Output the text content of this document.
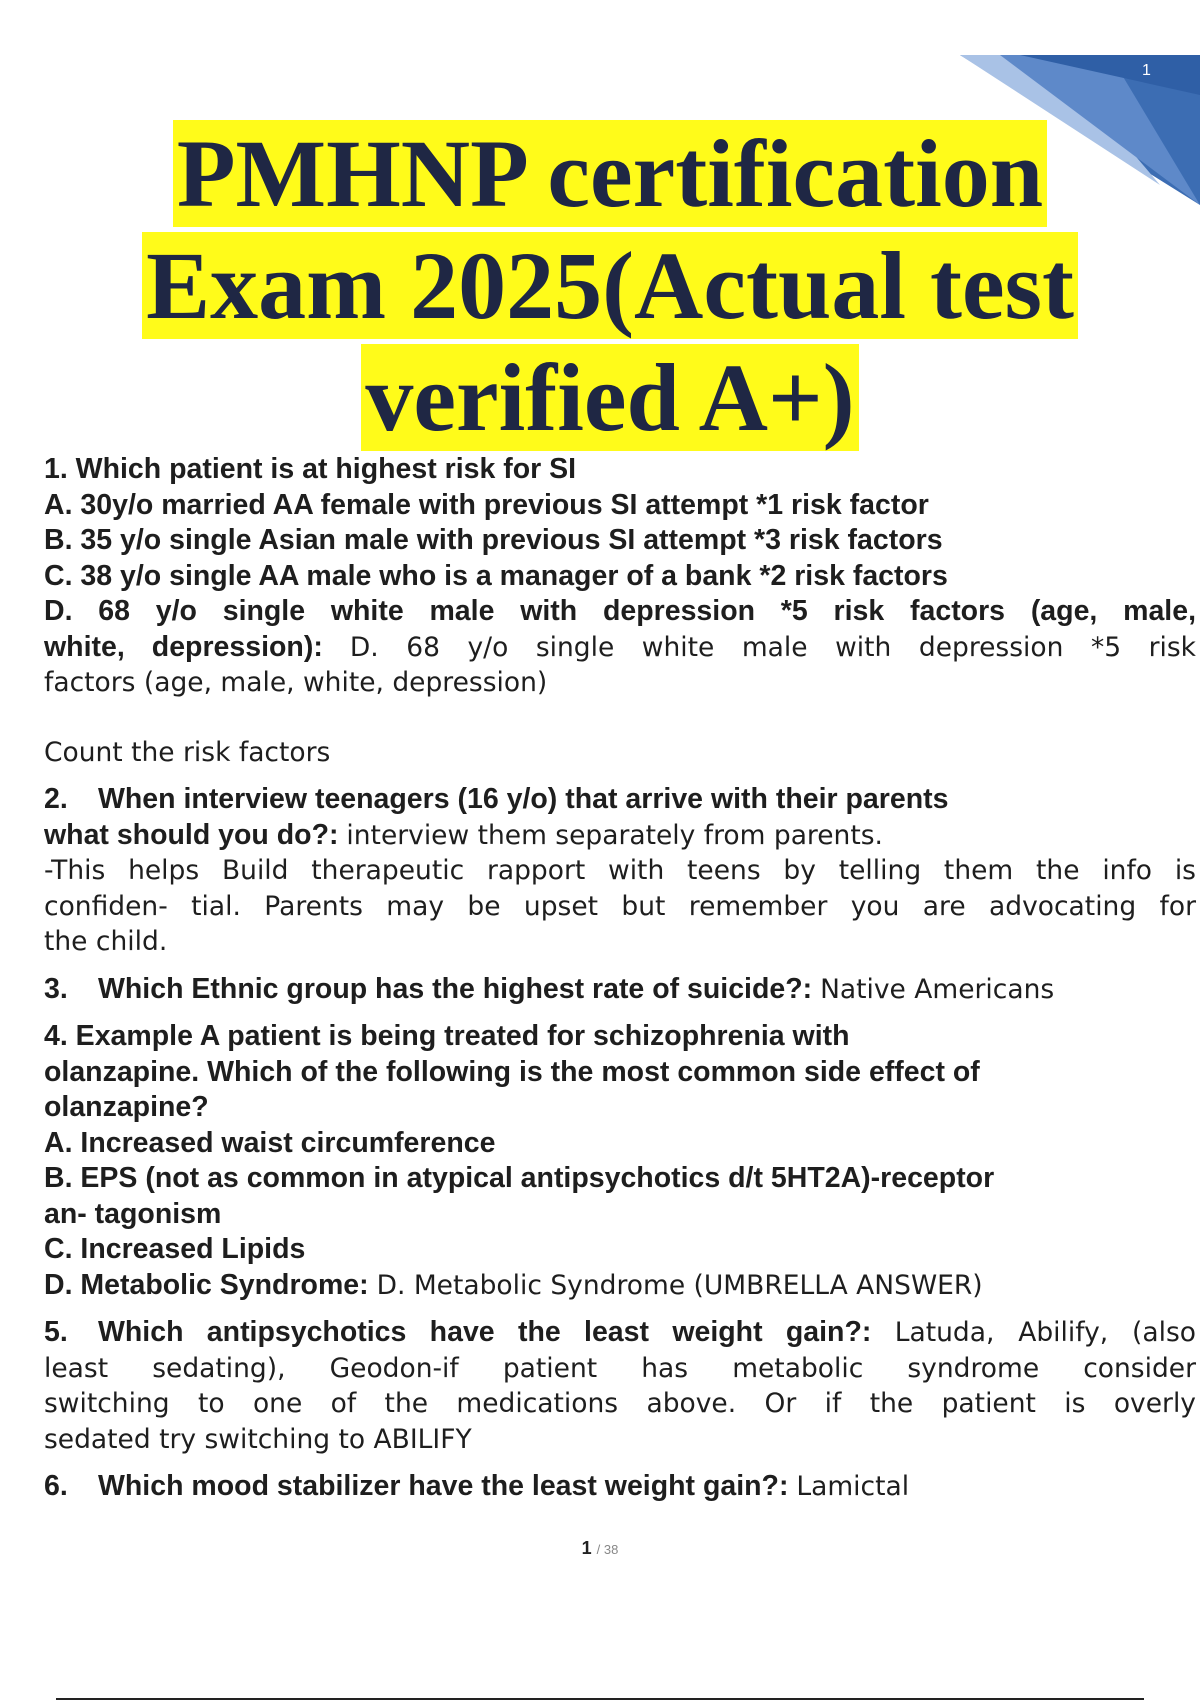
1
PMHNP certification
Exam 2025(Actual test
verified A+)
1. Which patient is at highest risk for SI
A. 30y/o married AA female with previous SI attempt *1 risk factor
B. 35 y/o single Asian male with previous SI attempt *3 risk factors
C. 38 y/o single AA male who is a manager of a bank *2 risk factors
D. 68 y/o single white male with depression *5 risk factors (age, male,
white, depression): D. 68 y/o single white male with depression *5 risk
factors (age, male, white, depression)
Count the risk factors
2. When interview teenagers (16 y/o) that arrive with their parents
what should you do?: interview them separately from parents.
-This helps Build therapeutic rapport with teens by telling them the info is
confiden- tial. Parents may be upset but remember you are advocating for
the child.
3. Which Ethnic group has the highest rate of suicide?: Native Americans
4. Example A patient is being treated for schizophrenia with
olanzapine. Which of the following is the most common side effect of
olanzapine?
A. Increased waist circumference
B. EPS (not as common in atypical antipsychotics d/t 5HT2A)-receptor
an- tagonism
C. Increased Lipids
D. Metabolic Syndrome: D. Metabolic Syndrome (UMBRELLA ANSWER)
5. Which antipsychotics have the least weight gain?: Latuda, Abilify, (also
least sedating), Geodon-if patient has metabolic syndrome consider
switching to one of the medications above. Or if the patient is overly
sedated try switching to ABILIFY
6. Which mood stabilizer have the least weight gain?: Lamictal
1 / 38
